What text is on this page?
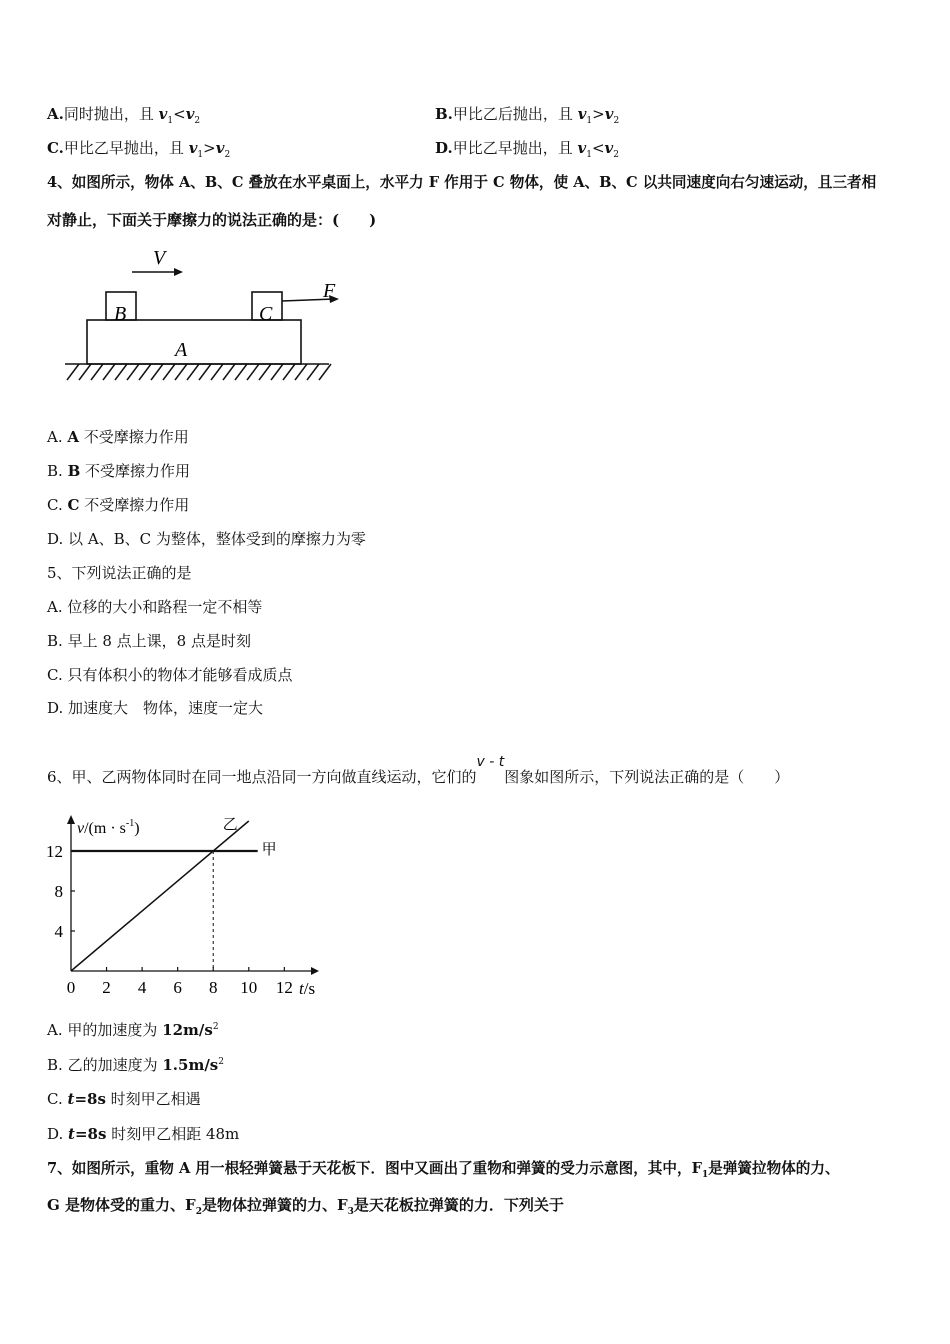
A.同时抛出，且 $v_1<v_2$	B.甲比乙后抛出，且 $v_1>v_2$
C.甲比乙早抛出，且 $v_1>v_2$	D.甲比乙早抛出，且 $v_1<v_2$
4、如图所示，物体 A、B、C 叠放在水平桌面上，水平力 F 作用于 C 物体，使 A、B、C 以共同速度向右匀速运动，且三者相
对静止，下面关于摩擦力的说法正确的是：(　　)
V
F
A
B	C
A. A 不受摩擦力作用
B. B 不受摩擦力作用
C. C 不受摩擦力作用
D. 以 A、B、C 为整体，整体受到的摩擦力为零
5、下列说法正确的是
A. 位移的大小和路程一定不相等
B. 早上 8 点上课，8 点是时刻
C. 只有体积小的物体才能够看成质点
D. 加速度大　物体，速度一定大
6、甲、乙两物体同时在同一地点沿同一方向做直线运动，它们的v - t图象如图所示，下列说法正确的是（　　）
0 2 4 6 8 10 12
4
8
12	甲
乙
$v/(m \cdot s^{-1})$
t/s
A. 甲的加速度为 $12m/s^2$
B. 乙的加速度为 $1.5m/s^2$
C. t=8s 时刻甲乙相遇
D. t=8s 时刻甲乙相距 48m
7、如图所示，重物 A 用一根轻弹簧悬于天花板下．图中又画出了重物和弹簧的受力示意图，其中，$F_1$是弹簧拉物体的力、
G 是物体受的重力、$F_2$是物体拉弹簧的力、$F_3$是天花板拉弹簧的力．下列关于
